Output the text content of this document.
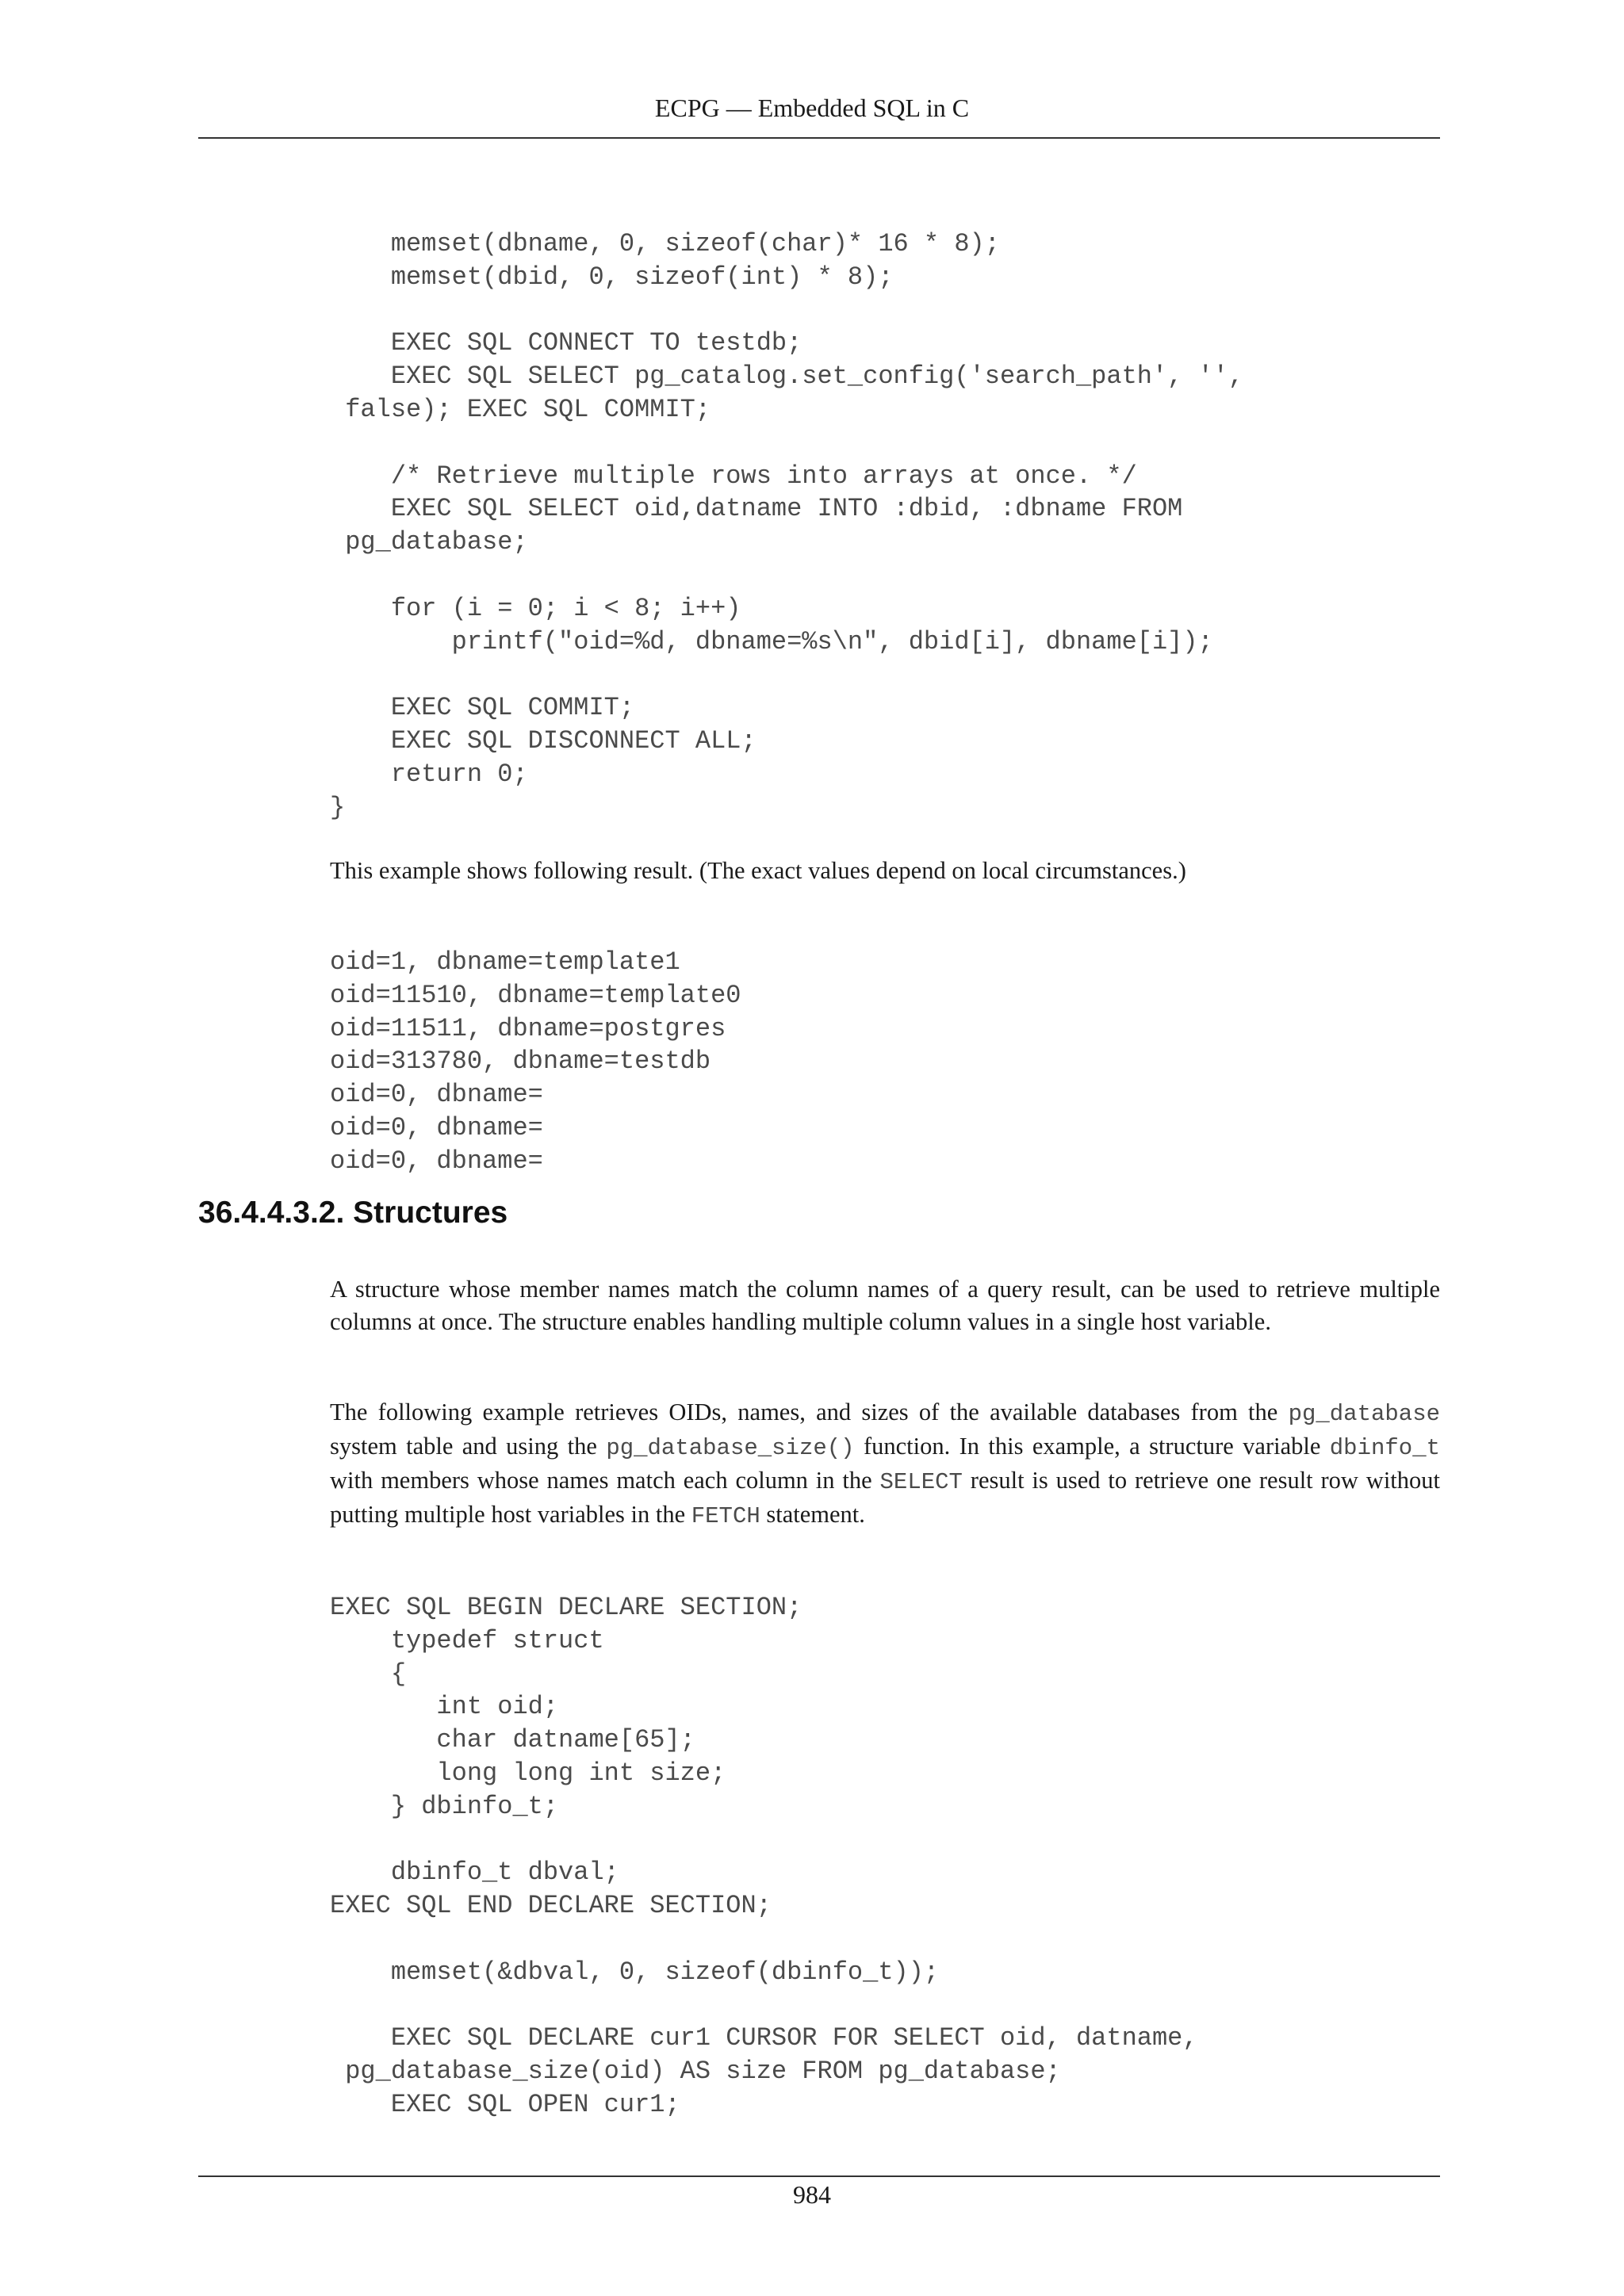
ECPG — Embedded SQL in C
memset(dbname, 0, sizeof(char)* 16 * 8);
memset(dbid, 0, sizeof(int) * 8);

EXEC SQL CONNECT TO testdb;
EXEC SQL SELECT pg_catalog.set_config('search_path', '',
false); EXEC SQL COMMIT;

/* Retrieve multiple rows into arrays at once. */
EXEC SQL SELECT oid,datname INTO :dbid, :dbname FROM
pg_database;

for (i = 0; i < 8; i++)
printf("oid=%d, dbname=%s\n", dbid[i], dbname[i]);

EXEC SQL COMMIT;
EXEC SQL DISCONNECT ALL;
return 0;
}

This example shows following result. (The exact values depend on local circumstances.)

oid=1, dbname=template1
oid=11510, dbname=template0
oid=11511, dbname=postgres
oid=313780, dbname=testdb
oid=0, dbname=
oid=0, dbname=
oid=0, dbname=
36.4.4.3.2. Structures

A structure whose member names match the column names of a query result, can be used to retrieve multiple columns at once. The structure enables handling multiple column values in a single host variable.

The following example retrieves OIDs, names, and sizes of the available databases from the pg_database system table and using the pg_database_size() function. In this example, a structure variable dbinfo_t with members whose names match each column in the SELECT result is used to retrieve one result row without putting multiple host variables in the FETCH statement.

EXEC SQL BEGIN DECLARE SECTION;
typedef struct
{
int oid;
char datname[65];
long long int size;
} dbinfo_t;

dbinfo_t dbval;
EXEC SQL END DECLARE SECTION;

memset(&dbval, 0, sizeof(dbinfo_t));

EXEC SQL DECLARE cur1 CURSOR FOR SELECT oid, datname,
pg_database_size(oid) AS size FROM pg_database;
EXEC SQL OPEN cur1;
984
